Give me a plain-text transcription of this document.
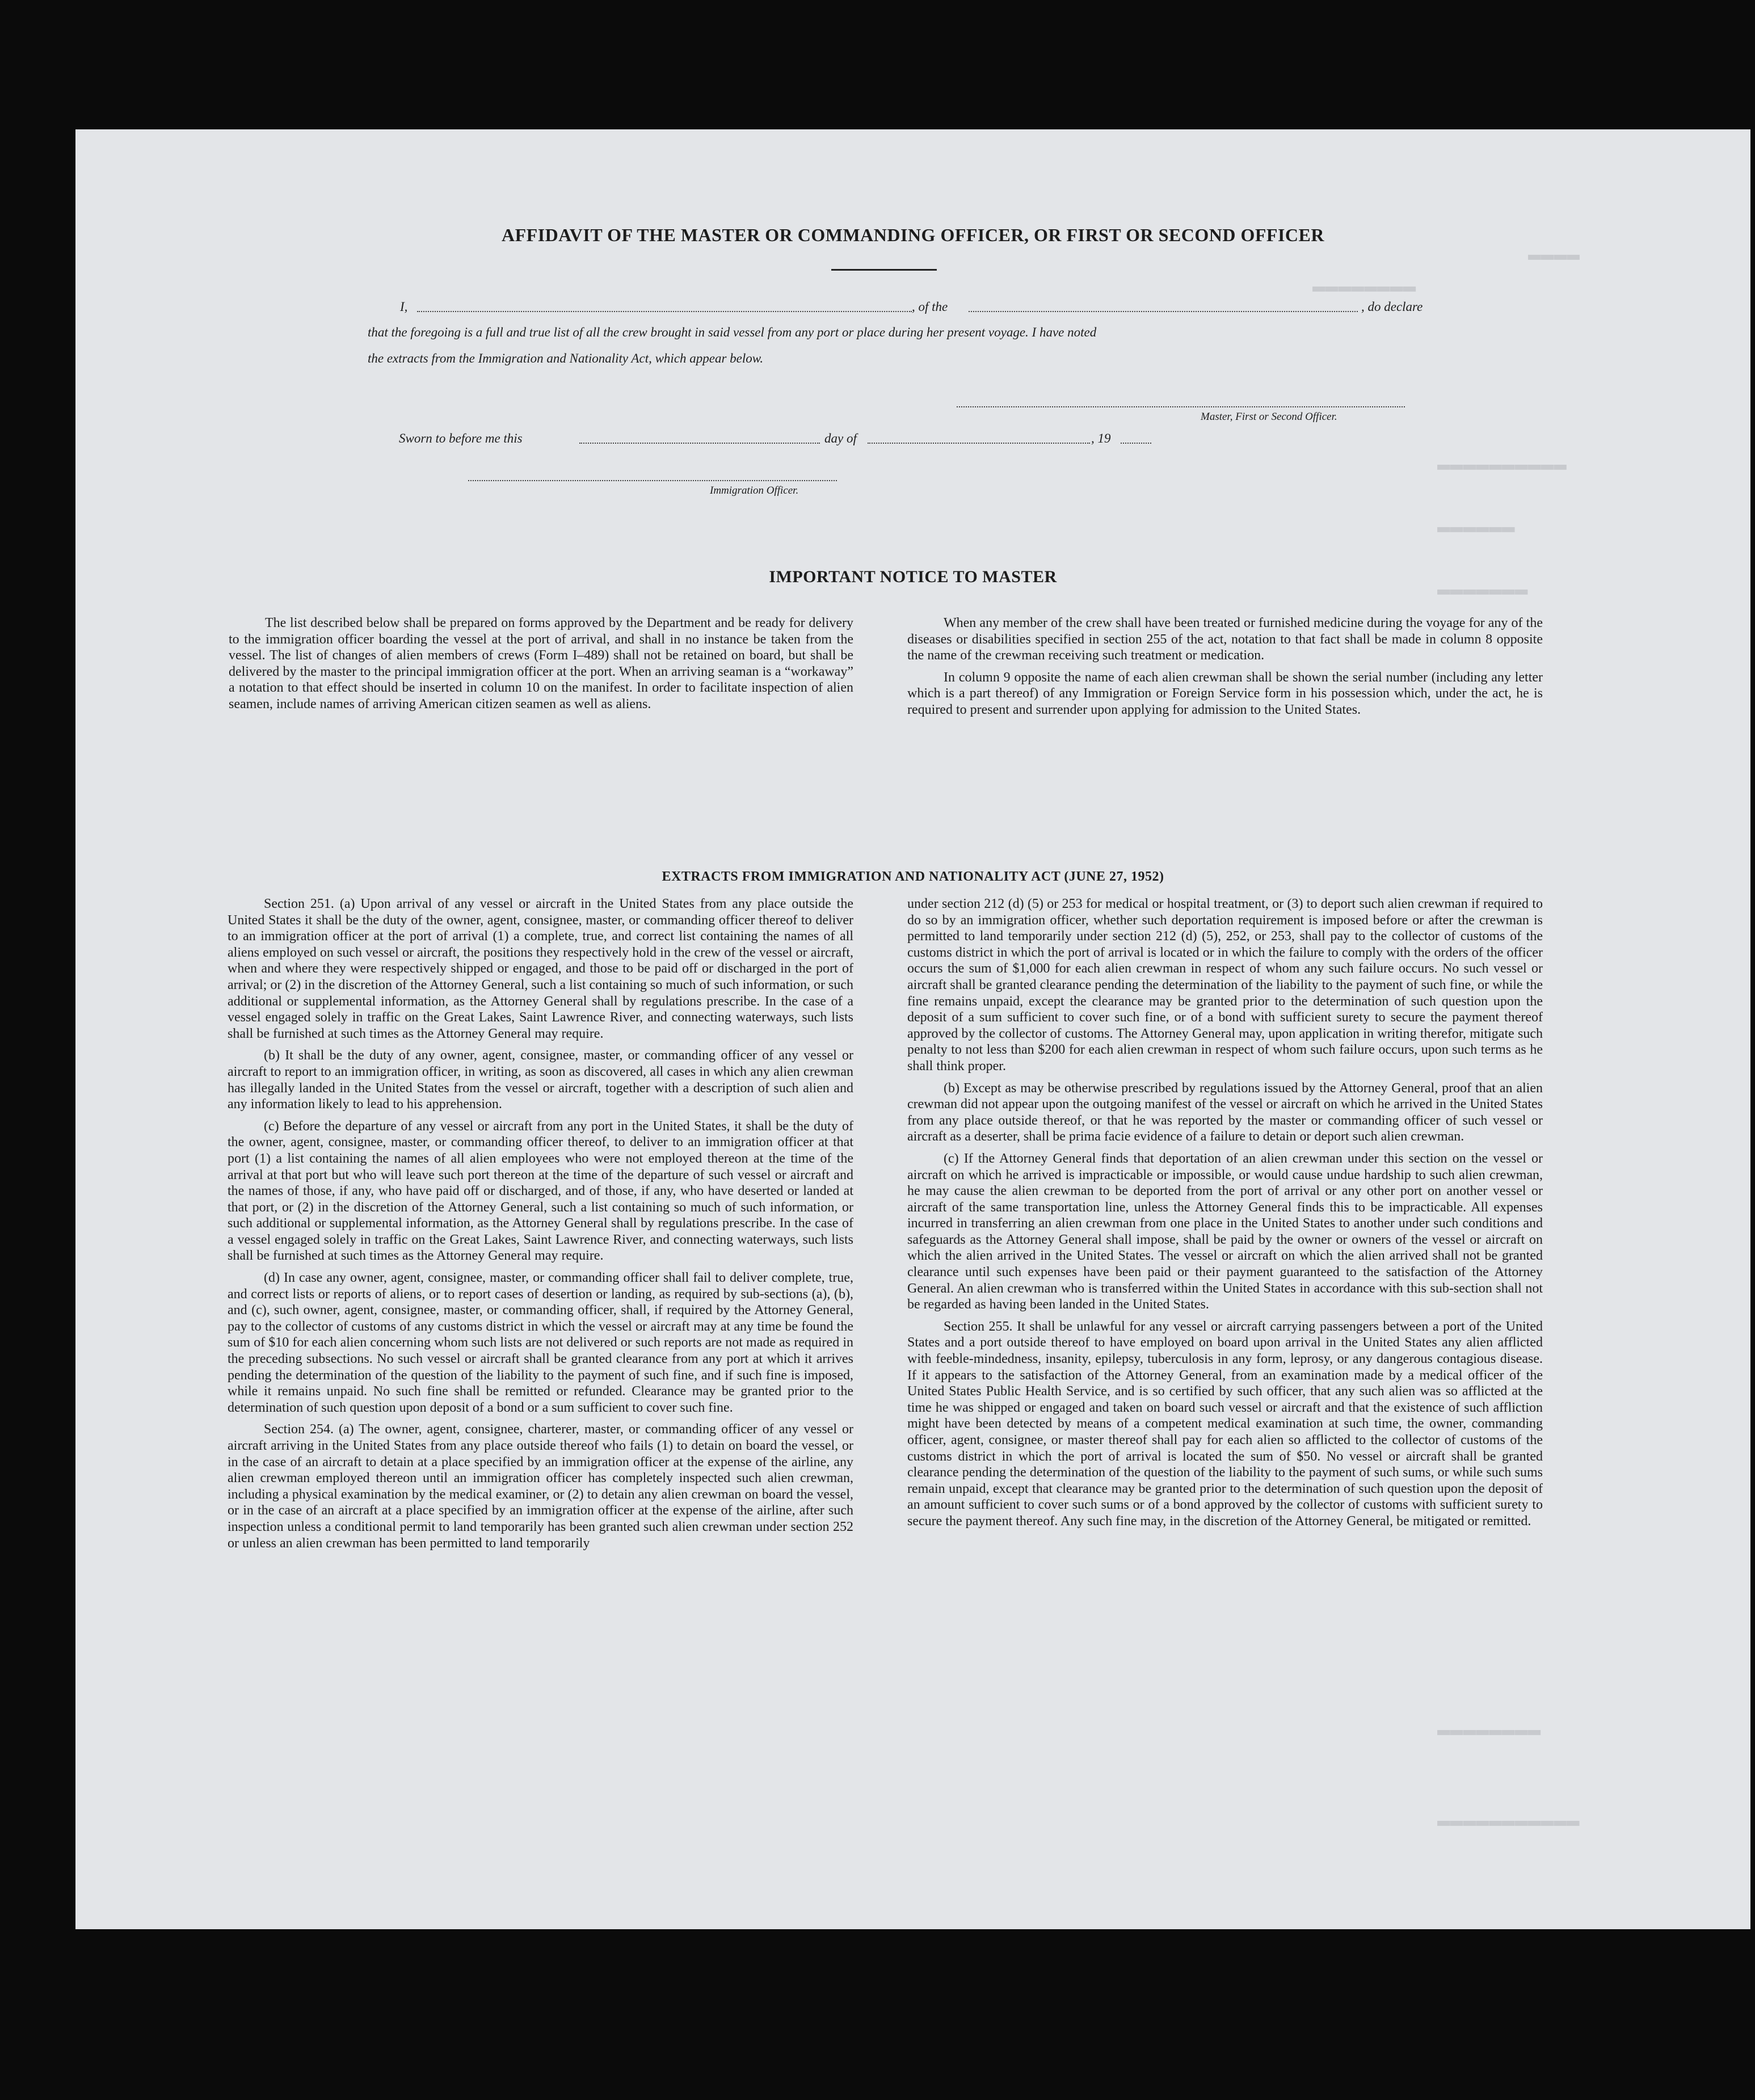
▬▬▬▬
▬▬▬▬▬▬▬▬
▬▬▬▬▬▬▬▬▬▬
▬▬▬▬▬▬
▬▬▬▬▬▬▬
▬▬▬▬▬▬▬▬
▬▬▬▬▬▬▬▬▬▬▬
AFFIDAVIT OF THE MASTER OR COMMANDING OFFICER, OR FIRST OR SECOND OFFICER
I,	, of the	, do declare
that the foregoing is a full and true list of all the crew brought in said vessel from any port or place during her present voyage. I have noted
the extracts from the Immigration and Nationality Act, which appear below.
Master, First or Second Officer.
Sworn to before me this	day of	, 19
Immigration Officer.
IMPORTANT NOTICE TO MASTER

The list described below shall be prepared on forms approved by the Department and be ready for delivery to the immigration officer boarding the vessel at the port of arrival, and shall in no instance be taken from the vessel. The list of changes of alien members of crews (Form I–489) shall not be retained on board, but shall be delivered by the master to the principal immigration officer at the port. When an arriving seaman is a “workaway” a notation to that effect should be inserted in column 10 on the manifest. In order to facilitate inspection of alien seamen, include names of arriving American citizen seamen as well as aliens.

When any member of the crew shall have been treated or furnished medicine during the voyage for any of the diseases or disabilities specified in section 255 of the act, notation to that fact shall be made in column 8 opposite the name of the crewman receiving such treatment or medication.

In column 9 opposite the name of each alien crewman shall be shown the serial number (including any letter which is a part thereof) of any Immigration or Foreign Service form in his possession which, under the act, he is required to present and surrender upon applying for admission to the United States.

EXTRACTS FROM IMMIGRATION AND NATIONALITY ACT (JUNE 27, 1952)

Section 251. (a) Upon arrival of any vessel or aircraft in the United States from any place outside the United States it shall be the duty of the owner, agent, consignee, master, or commanding officer thereof to deliver to an immigration officer at the port of arrival (1) a complete, true, and correct list containing the names of all aliens employed on such vessel or aircraft, the positions they respectively hold in the crew of the vessel or aircraft, when and where they were respectively shipped or engaged, and those to be paid off or discharged in the port of arrival; or (2) in the discretion of the Attorney General, such a list containing so much of such information, or such additional or supplemental information, as the Attorney General shall by regulations prescribe. In the case of a vessel engaged solely in traffic on the Great Lakes, Saint Lawrence River, and connecting waterways, such lists shall be furnished at such times as the Attorney General may require.

(b) It shall be the duty of any owner, agent, consignee, master, or commanding officer of any vessel or aircraft to report to an immigration officer, in writing, as soon as discovered, all cases in which any alien crewman has illegally landed in the United States from the vessel or aircraft, together with a description of such alien and any information likely to lead to his apprehension.

(c) Before the departure of any vessel or aircraft from any port in the United States, it shall be the duty of the owner, agent, consignee, master, or commanding officer thereof, to deliver to an immigration officer at that port (1) a list containing the names of all alien employees who were not employed thereon at the time of the arrival at that port but who will leave such port thereon at the time of the departure of such vessel or aircraft and the names of those, if any, who have paid off or discharged, and of those, if any, who have deserted or landed at that port, or (2) in the discretion of the Attorney General, such a list containing so much of such information, or such additional or supplemental information, as the Attorney General shall by regulations prescribe. In the case of a vessel engaged solely in traffic on the Great Lakes, Saint Lawrence River, and connecting waterways, such lists shall be furnished at such times as the Attorney General may require.

(d) In case any owner, agent, consignee, master, or commanding officer shall fail to deliver complete, true, and correct lists or reports of aliens, or to report cases of desertion or landing, as required by sub-sections (a), (b), and (c), such owner, agent, consignee, master, or commanding officer, shall, if required by the Attorney General, pay to the collector of customs of any customs district in which the vessel or aircraft may at any time be found the sum of $10 for each alien concerning whom such lists are not delivered or such reports are not made as required in the preceding subsections. No such vessel or aircraft shall be granted clearance from any port at which it arrives pending the determination of the question of the liability to the payment of such fine, and if such fine is imposed, while it remains unpaid. No such fine shall be remitted or refunded. Clearance may be granted prior to the determination of such question upon deposit of a bond or a sum sufficient to cover such fine.

Section 254. (a) The owner, agent, consignee, charterer, master, or commanding officer of any vessel or aircraft arriving in the United States from any place outside thereof who fails (1) to detain on board the vessel, or in the case of an aircraft to detain at a place specified by an immigration officer at the expense of the airline, any alien crewman employed thereon until an immigration officer has completely inspected such alien crewman, including a physical examination by the medical examiner, or (2) to detain any alien crewman on board the vessel, or in the case of an aircraft at a place specified by an immigration officer at the expense of the airline, after such inspection unless a conditional permit to land temporarily has been granted such alien crewman under section 252 or unless an alien crewman has been permitted to land temporarily

under section 212 (d) (5) or 253 for medical or hospital treatment, or (3) to deport such alien crewman if required to do so by an immigration officer, whether such deportation requirement is imposed before or after the crewman is permitted to land temporarily under section 212 (d) (5), 252, or 253, shall pay to the collector of customs of the customs district in which the port of arrival is located or in which the failure to comply with the orders of the officer occurs the sum of $1,000 for each alien crewman in respect of whom any such failure occurs. No such vessel or aircraft shall be granted clearance pending the determination of the liability to the payment of such fine, or while the fine remains unpaid, except the clearance may be granted prior to the determination of such question upon the deposit of a sum sufficient to cover such fine, or of a bond with sufficient surety to secure the payment thereof approved by the collector of customs. The Attorney General may, upon application in writing therefor, mitigate such penalty to not less than $200 for each alien crewman in respect of whom such failure occurs, upon such terms as he shall think proper.

(b) Except as may be otherwise prescribed by regulations issued by the Attorney General, proof that an alien crewman did not appear upon the outgoing manifest of the vessel or aircraft on which he arrived in the United States from any place outside thereof, or that he was reported by the master or commanding officer of such vessel or aircraft as a deserter, shall be prima facie evidence of a failure to detain or deport such alien crewman.

(c) If the Attorney General finds that deportation of an alien crewman under this section on the vessel or aircraft on which he arrived is impracticable or impossible, or would cause undue hardship to such alien crewman, he may cause the alien crewman to be deported from the port of arrival or any other port on another vessel or aircraft of the same transportation line, unless the Attorney General finds this to be impracticable. All expenses incurred in transferring an alien crewman from one place in the United States to another under such conditions and safeguards as the Attorney General shall impose, shall be paid by the owner or owners of the vessel or aircraft on which the alien arrived in the United States. The vessel or aircraft on which the alien arrived shall not be granted clearance until such expenses have been paid or their payment guaranteed to the satisfaction of the Attorney General. An alien crewman who is transferred within the United States in accordance with this sub-section shall not be regarded as having been landed in the United States.

Section 255. It shall be unlawful for any vessel or aircraft carrying passengers between a port of the United States and a port outside thereof to have employed on board upon arrival in the United States any alien afflicted with feeble-mindedness, insanity, epilepsy, tuberculosis in any form, leprosy, or any dangerous contagious disease. If it appears to the satisfaction of the Attorney General, from an examination made by a medical officer of the United States Public Health Service, and is so certified by such officer, that any such alien was so afflicted at the time he was shipped or engaged and taken on board such vessel or aircraft and that the existence of such affliction might have been detected by means of a competent medical examination at such time, the owner, commanding officer, agent, consignee, or master thereof shall pay for each alien so afflicted to the collector of customs of the customs district in which the port of arrival is located the sum of $50. No vessel or aircraft shall be granted clearance pending the determination of the question of the liability to the payment of such sums, or while such sums remain unpaid, except that clearance may be granted prior to the determination of such question upon the deposit of an amount sufficient to cover such sums or of a bond approved by the collector of customs with sufficient surety to secure the payment thereof. Any such fine may, in the discretion of the Attorney General, be mitigated or remitted.
